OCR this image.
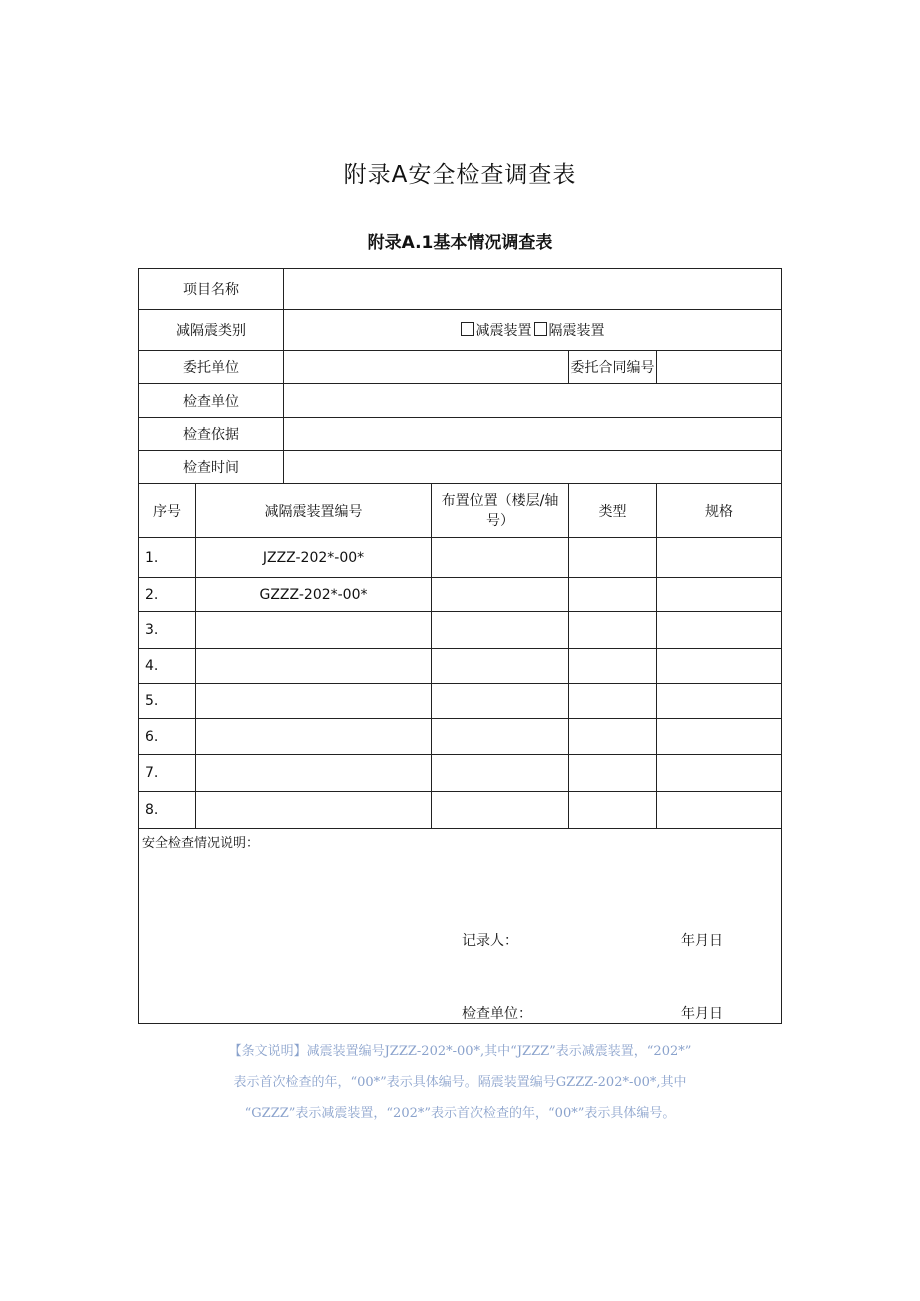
附录A安全检查调查表
附录A.1基本情况调查表
项目名称					
减隔震类别		减震装置 隔震装置			
委托单位				委托合同编号	
检查单位					
检查依据					
检查时间					
序号	减隔震装置编号		布置位置（楼层/轴号）	类型	规格
1.	JZZZ-202*-00*				
2.	GZZZ-202*-00*				
3.					
4.					
5.					
6.					
7.					
8.					

安全检查情况说明：
记录人： 年月日
检查单位： 年月日					

【条文说明】减震装置编号JZZZ-202*-00*,其中“JZZZ”表示减震装置，“202*”

表示首次检查的年，“00*”表示具体编号。隔震装置编号GZZZ-202*-00*,其中

“GZZZ”表示减震装置，“202*”表示首次检查的年，“00*”表示具体编号。
